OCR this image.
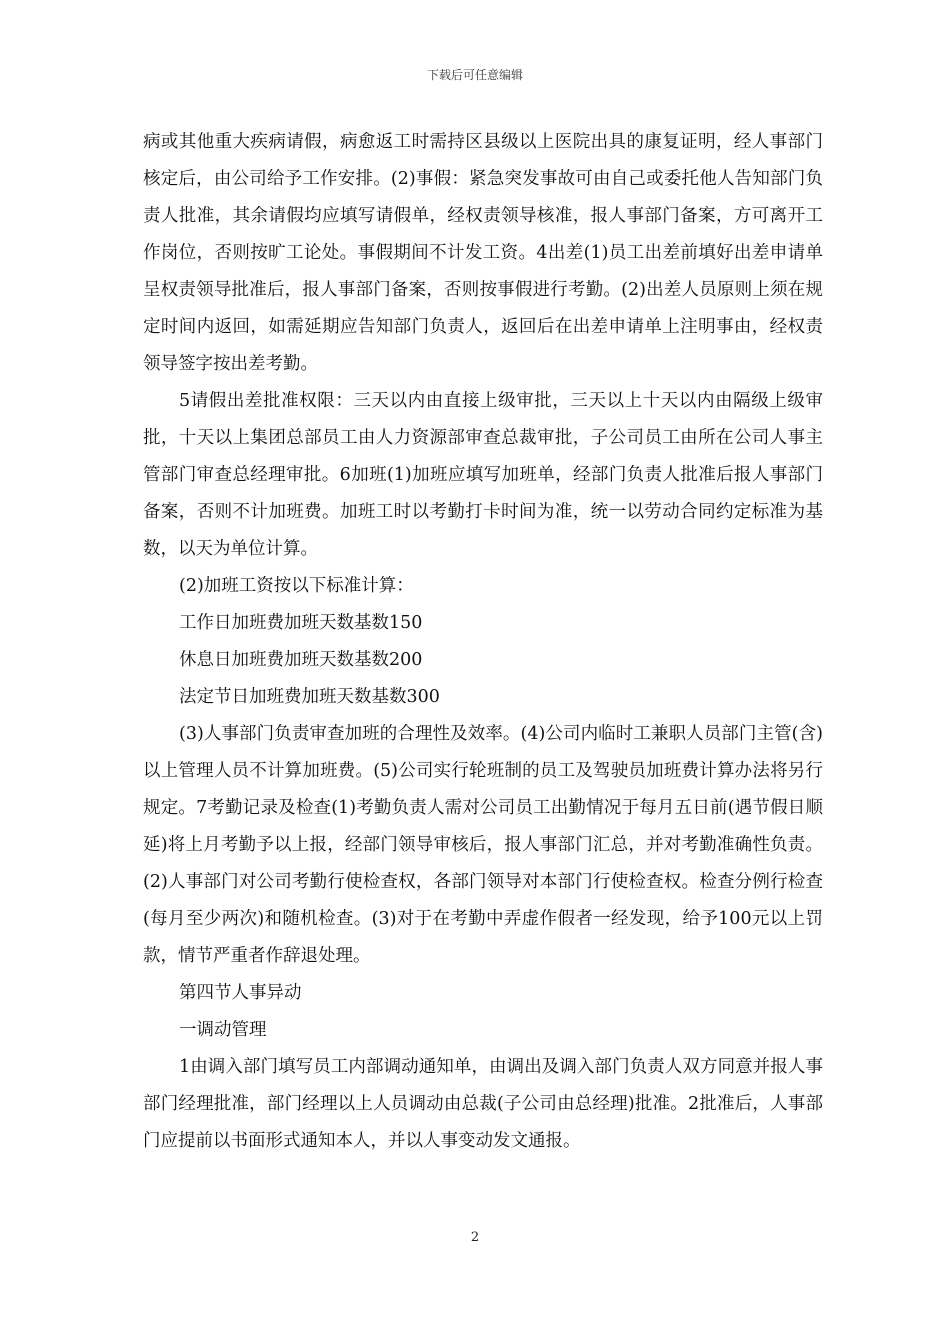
下载后可任意编辑

病或其他重大疾病请假，病愈返工时需持区县级以上医院出具的康复证明，经人事部门核定后，由公司给予工作安排。(2)事假：紧急突发事故可由自己或委托他人告知部门负责人批准，其余请假均应填写请假单，经权责领导核准，报人事部门备案，方可离开工作岗位，否则按旷工论处。事假期间不计发工资。4出差(1)员工出差前填好出差申请单呈权责领导批准后，报人事部门备案，否则按事假进行考勤。(2)出差人员原则上须在规定时间内返回，如需延期应告知部门负责人，返回后在出差申请单上注明事由，经权责领导签字按出差考勤。

5请假出差批准权限：三天以内由直接上级审批，三天以上十天以内由隔级上级审批，十天以上集团总部员工由人力资源部审查总裁审批，子公司员工由所在公司人事主管部门审查总经理审批。6加班(1)加班应填写加班单，经部门负责人批准后报人事部门备案，否则不计加班费。加班工时以考勤打卡时间为准，统一以劳动合同约定标准为基数，以天为单位计算。

(2)加班工资按以下标准计算：

工作日加班费加班天数基数150

休息日加班费加班天数基数200

法定节日加班费加班天数基数300

(3)人事部门负责审查加班的合理性及效率。(4)公司内临时工兼职人员部门主管(含)以上管理人员不计算加班费。(5)公司实行轮班制的员工及驾驶员加班费计算办法将另行规定。7考勤记录及检查(1)考勤负责人需对公司员工出勤情况于每月五日前(遇节假日顺延)将上月考勤予以上报，经部门领导审核后，报人事部门汇总，并对考勤准确性负责。(2)人事部门对公司考勤行使检查权，各部门领导对本部门行使检查权。检查分例行检查(每月至少两次)和随机检查。(3)对于在考勤中弄虚作假者一经发现，给予100元以上罚款，情节严重者作辞退处理。

第四节人事异动

一调动管理

1由调入部门填写员工内部调动通知单，由调出及调入部门负责人双方同意并报人事部门经理批准，部门经理以上人员调动由总裁(子公司由总经理)批准。2批准后，人事部门应提前以书面形式通知本人，并以人事变动发文通报。

2
